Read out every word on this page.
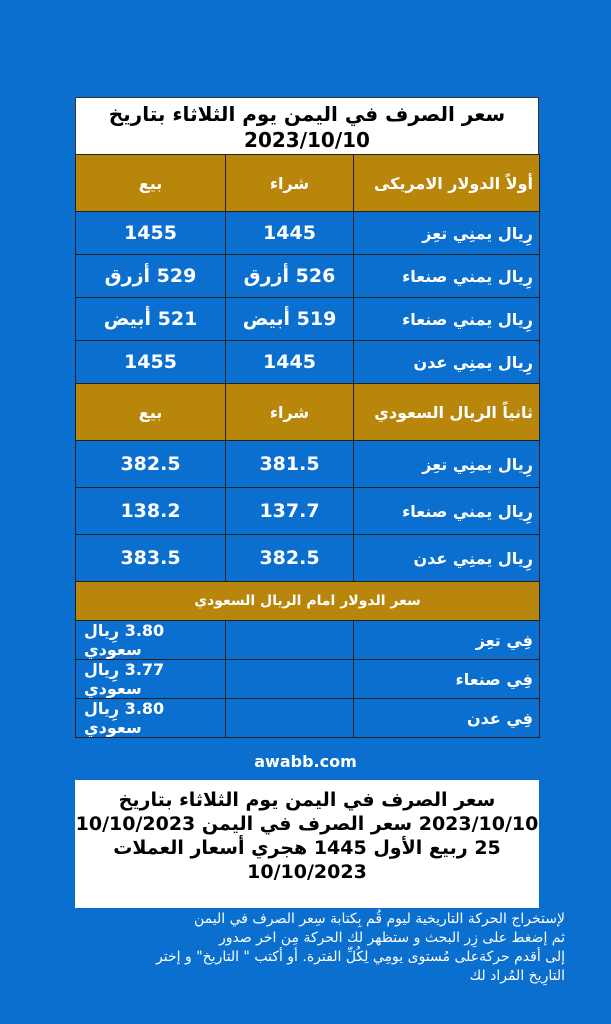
سعر الصرف في اليمن يوم الثلاثاء بتاريخ
2023/10/10
أولاً الدولار الامريكى	شراء	بيع
رِيال يمنِي تعِز	1445	1455
رِيال يمني صنعاء	526 أزرق	529 أزرق
رِيال يمني صنعاء	519 أبيض	521 أبيض
رِيال يمنِي عدن	1445	1455
ثانياً الريال السعودي	شراء	بيع
رِيال يمنِي تعِز	381.5	382.5
رِيال يمني صنعاء	137.7	138.2
رِيال يمنِي عدن	382.5	383.5
سعر الدولار امام الريال السعودي		
فِي تعِز		3.80 رِيال سعودي
فِي صنعاء		3.77 رِيال سعودي
فِي عدن		3.80 رِيال سعودي
awabb.com
سعر الصرف في اليمن يوم الثلاثاء بتاريخ
2023/10/10 سعر الصرف في اليمن 10/10/2023
25 ربيع الأول 1445 هجري أسعار العملات
10/10/2023
لإستخراج الحركة التاريخية ليوم قُم بِكتابة سِعر الصرف في اليمن
ثم إضغط على زِر البحث و ستظهر لك الحركة مِن اخر صدور
إلى أقدم حركةعلى مُستوى يومِي لِكُلِّ الفترة. أو أكتب " التاريخ" و إختر
التارِيخ المُراد لك
